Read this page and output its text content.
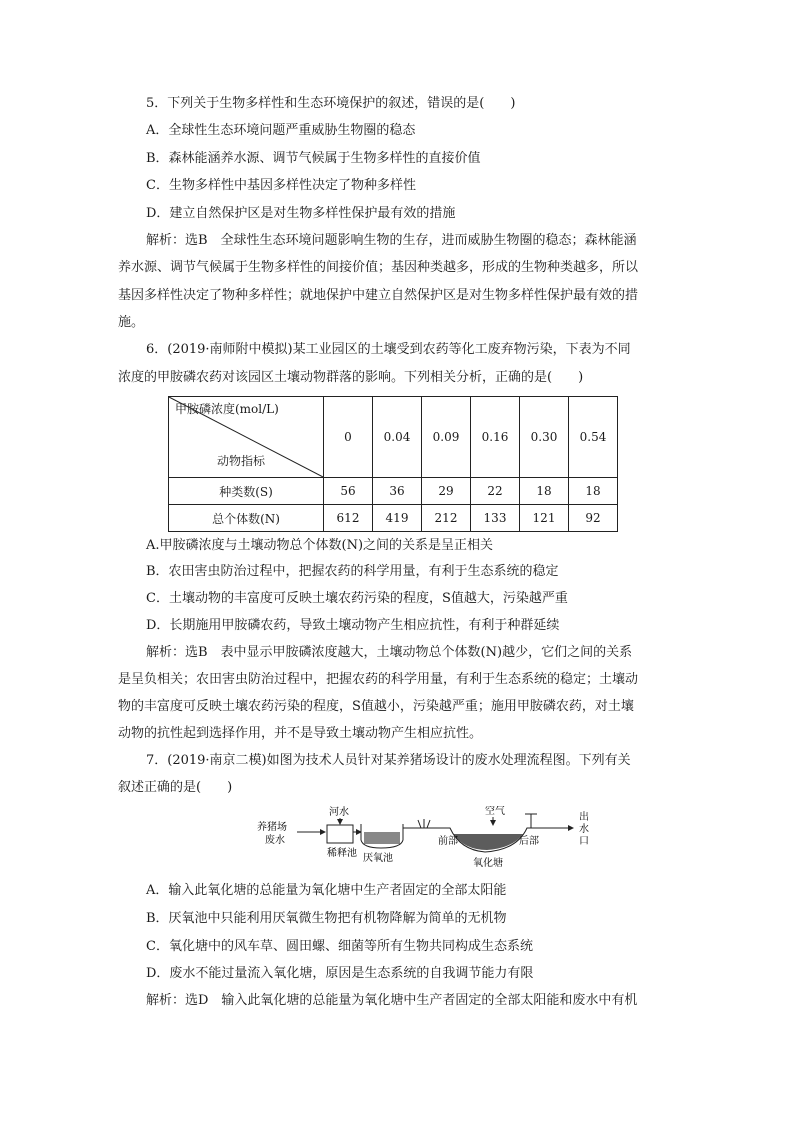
5．下列关于生物多样性和生态环境保护的叙述，错误的是(　　)
A．全球性生态环境问题严重威胁生物圈的稳态
B．森林能涵养水源、调节气候属于生物多样性的直接价值
C．生物多样性中基因多样性决定了物种多样性
D．建立自然保护区是对生物多样性保护最有效的措施
解析：选B　全球性生态环境问题影响生物的生存，进而威胁生物圈的稳态；森林能涵
养水源、调节气候属于生物多样性的间接价值；基因种类越多，形成的生物种类越多，所以
基因多样性决定了物种多样性；就地保护中建立自然保护区是对生物多样性保护最有效的措
施。
6．(2019·南师附中模拟)某工业园区的土壤受到农药等化工废弃物污染，下表为不同
浓度的甲胺磷农药对该园区土壤动物群落的影响。下列相关分析，正确的是(　　)
甲胺磷浓度(mol/L)
动物指标	0	0.04	0.09	0.16	0.30	0.54
种类数(S)	56	36	29	22	18	18
总个体数(N)	612	419	212	133	121	92
A.甲胺磷浓度与土壤动物总个体数(N)之间的关系是呈正相关
B．农田害虫防治过程中，把握农药的科学用量，有利于生态系统的稳定
C．土壤动物的丰富度可反映土壤农药污染的程度，S值越大，污染越严重
D．长期施用甲胺磷农药，导致土壤动物产生相应抗性，有利于种群延续
解析：选B　表中显示甲胺磷浓度越大，土壤动物总个体数(N)越少，它们之间的关系
是呈负相关；农田害虫防治过程中，把握农药的科学用量，有利于生态系统的稳定；土壤动
物的丰富度可反映土壤农药污染的程度，S值越小，污染越严重；施用甲胺磷农药，对土壤
动物的抗性起到选择作用，并不是导致土壤动物产生相应抗性。
7．(2019·南京二模)如图为技术人员针对某养猪场设计的废水处理流程图。下列有关
叙述正确的是(　　)
养猪场
废水
河水
稀释池 厌氧池
空气
前部	后部
氧化塘
出
水
口
A．输入此氧化塘的总能量为氧化塘中生产者固定的全部太阳能
B．厌氧池中只能利用厌氧微生物把有机物降解为简单的无机物
C．氧化塘中的风车草、圆田螺、细菌等所有生物共同构成生态系统
D．废水不能过量流入氧化塘，原因是生态系统的自我调节能力有限
解析：选D　输入此氧化塘的总能量为氧化塘中生产者固定的全部太阳能和废水中有机
